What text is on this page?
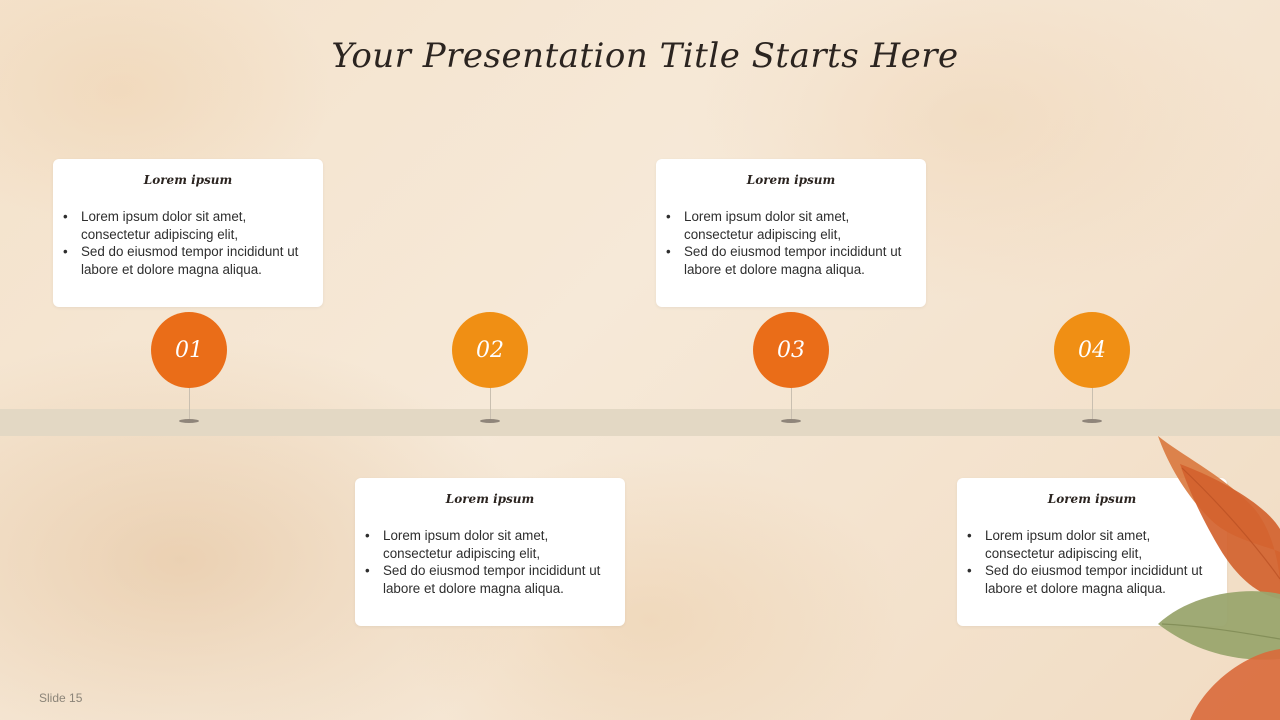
Your Presentation Title Starts Here
Lorem ipsum
• Lorem ipsum dolor sit amet, consectetur adipiscing elit,
• Sed do eiusmod tempor incididunt ut labore et dolore magna aliqua.
01
Lorem ipsum
• Lorem ipsum dolor sit amet, consectetur adipiscing elit,
• Sed do eiusmod tempor incididunt ut labore et dolore magna aliqua.
02
Lorem ipsum
• Lorem ipsum dolor sit amet, consectetur adipiscing elit,
• Sed do eiusmod tempor incididunt ut labore et dolore magna aliqua.
03
Lorem ipsum
• Lorem ipsum dolor sit amet, consectetur adipiscing elit,
• Sed do eiusmod tempor incididunt ut labore et dolore magna aliqua.
04
Slide 15
